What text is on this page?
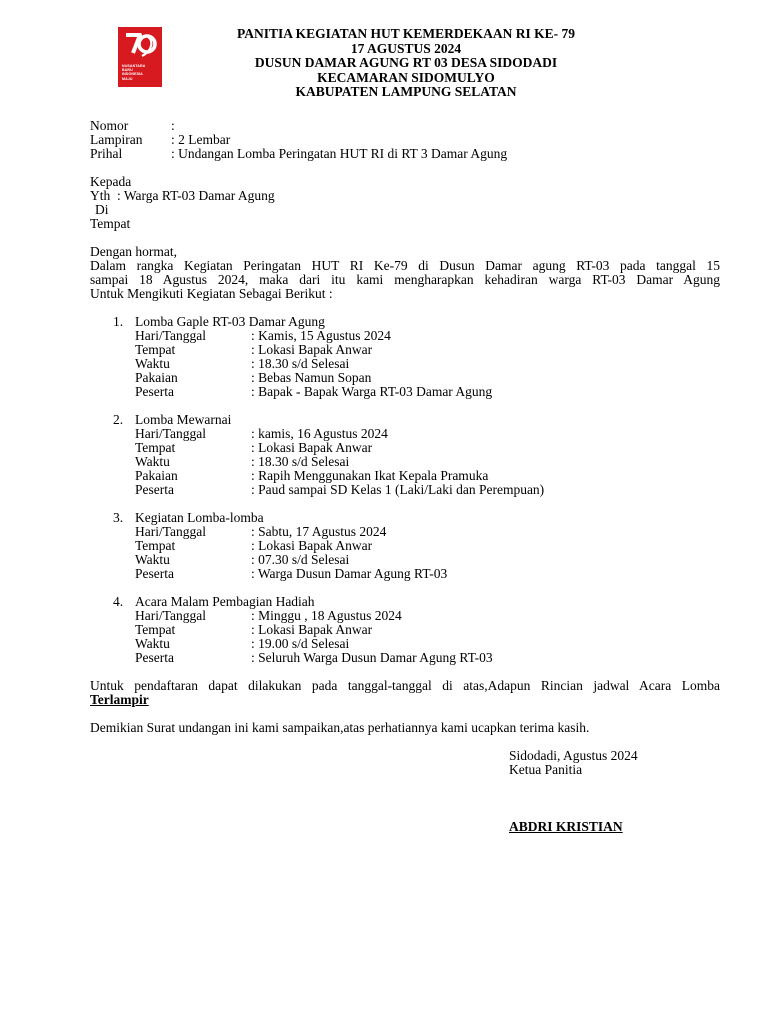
NUSANTARA
BARU
INDONESIA
MAJU
PANITIA KEGIATAN HUT KEMERDEKAAN RI KE- 79
17 AGUSTUS 2024
DUSUN DAMAR AGUNG RT 03 DESA SIDODADI
KECAMARAN SIDOMULYO
KABUPATEN LAMPUNG SELATAN
Nomor	:
Lampiran : 2 Lembar
Prihal	: Undangan Lomba Peringatan HUT RI di RT 3 Damar Agung
Kepada
Yth : Warga RT-03 Damar Agung
Di
Tempat
Dengan hormat,
Dalam rangka Kegiatan Peringatan HUT RI Ke-79 di Dusun Damar agung RT-03 pada tanggal 15
sampai 18 Agustus 2024, maka dari itu kami mengharapkan kehadiran warga RT-03 Damar Agung
Untuk Mengikuti Kegiatan Sebagai Berikut :
1. Lomba Gaple RT-03 Damar Agung
Hari/Tanggal	: Kamis, 15 Agustus 2024
Tempat	: Lokasi Bapak Anwar
Waktu	: 18.30 s/d Selesai
Pakaian	: Bebas Namun Sopan
Peserta	: Bapak - Bapak Warga RT-03 Damar Agung
2. Lomba Mewarnai
Hari/Tanggal	: kamis, 16 Agustus 2024
Tempat	: Lokasi Bapak Anwar
Waktu	: 18.30 s/d Selesai
Pakaian	: Rapih Menggunakan Ikat Kepala Pramuka
Peserta	: Paud sampai SD Kelas 1 (Laki/Laki dan Perempuan)
3. Kegiatan Lomba-lomba
Hari/Tanggal	: Sabtu, 17 Agustus 2024
Tempat	: Lokasi Bapak Anwar
Waktu	: 07.30 s/d Selesai
Peserta	: Warga Dusun Damar Agung RT-03
4. Acara Malam Pembagian Hadiah
Hari/Tanggal	: Minggu , 18 Agustus 2024
Tempat	: Lokasi Bapak Anwar
Waktu	: 19.00 s/d Selesai
Peserta	: Seluruh Warga Dusun Damar Agung RT-03
Untuk pendaftaran dapat dilakukan pada tanggal-tanggal di atas,Adapun Rincian jadwal Acara Lomba
Terlampir
Demikian Surat undangan ini kami sampaikan,atas perhatiannya kami ucapkan terima kasih.
Sidodadi, Agustus 2024
Ketua Panitia
ABDRI KRISTIAN
